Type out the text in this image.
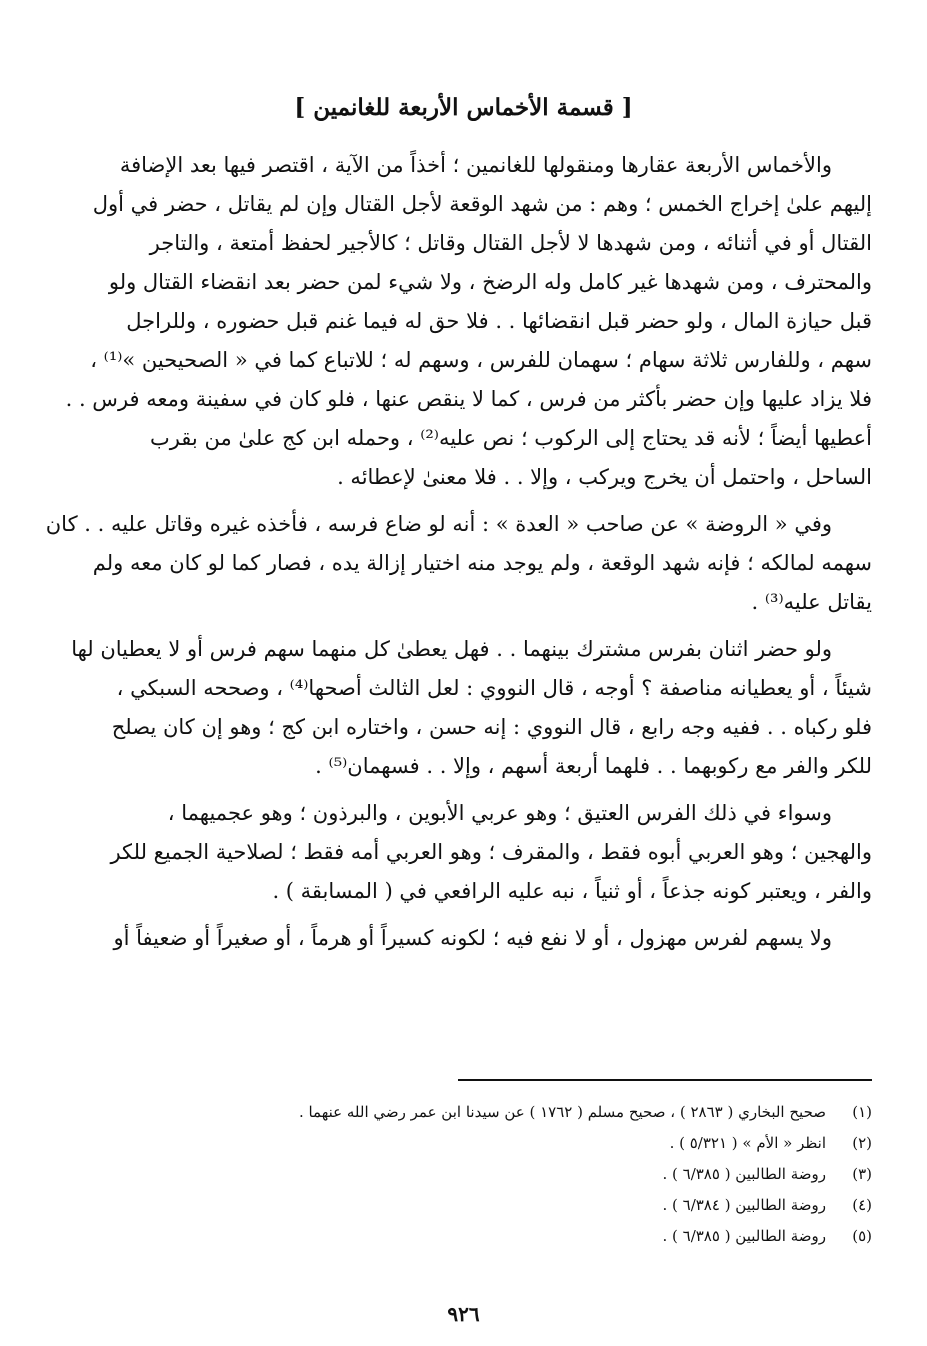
[ قسمة الأخماس الأربعة للغانمين ]
والأخماس الأربعة عقارها ومنقولها للغانمين ؛ أخذاً من الآية ، اقتصر فيها بعد الإضافة
إليهم علىٰ إخراج الخمس ؛ وهم : من شهد الوقعة لأجل القتال وإن لم يقاتل ، حضر في أول
القتال أو في أثنائه ، ومن شهدها لا لأجل القتال وقاتل ؛ كالأجير لحفظ أمتعة ، والتاجر
والمحترف ، ومن شهدها غير كامل وله الرضخ ، ولا شيء لمن حضر بعد انقضاء القتال ولو
قبل حيازة المال ، ولو حضر قبل انقضائها . . فلا حق له فيما غنم قبل حضوره ، وللراجل
سهم ، وللفارس ثلاثة سهام ؛ سهمان للفرس ، وسهم له ؛ للاتباع كما في « الصحيحين »⁽¹⁾ ،
فلا يزاد عليها وإن حضر بأكثر من فرس ، كما لا ينقص عنها ، فلو كان في سفينة ومعه فرس . .
أعطيها أيضاً ؛ لأنه قد يحتاج إلى الركوب ؛ نص عليه⁽²⁾ ، وحمله ابن كج علىٰ من بقرب
الساحل ، واحتمل أن يخرج ويركب ، وإلا . . فلا معنىٰ لإعطائه .
وفي « الروضة » عن صاحب « العدة » : أنه لو ضاع فرسه ، فأخذه غيره وقاتل عليه . . كان
سهمه لمالكه ؛ فإنه شهد الوقعة ، ولم يوجد منه اختيار إزالة يده ، فصار كما لو كان معه ولم
يقاتل عليه⁽³⁾ .
ولو حضر اثنان بفرس مشترك بينهما . . فهل يعطىٰ كل منهما سهم فرس أو لا يعطيان لها
شيئاً ، أو يعطيانه مناصفة ؟ أوجه ، قال النووي : لعل الثالث أصحها⁽⁴⁾ ، وصححه السبكي ،
فلو ركباه . . ففيه وجه رابع ، قال النووي : إنه حسن ، واختاره ابن كج ؛ وهو إن كان يصلح
للكر والفر مع ركوبهما . . فلهما أربعة أسهم ، وإلا . . فسهمان⁽⁵⁾ .
وسواء في ذلك الفرس العتيق ؛ وهو عربي الأبوين ، والبرذون ؛ وهو عجميهما ،
والهجين ؛ وهو العربي أبوه فقط ، والمقرف ؛ وهو العربي أمه فقط ؛ لصلاحية الجميع للكر
والفر ، ويعتبر كونه جذعاً ، أو ثنياً ، نبه عليه الرافعي في ( المسابقة ) .
ولا يسهم لفرس مهزول ، أو لا نفع فيه ؛ لكونه كسيراً أو هرماً ، أو صغيراً أو ضعيفاً أو
(١)صحيح البخاري ( ٢٨٦٣ ) ، صحيح مسلم ( ١٧٦٢ ) عن سيدنا ابن عمر رضي الله عنهما .
(٢)انظر « الأم » ( ٥/٣٢١ ) .
(٣)روضة الطالبين ( ٦/٣٨٥ ) .
(٤)روضة الطالبين ( ٦/٣٨٤ ) .
(٥)روضة الطالبين ( ٦/٣٨٥ ) .
٩٢٦
